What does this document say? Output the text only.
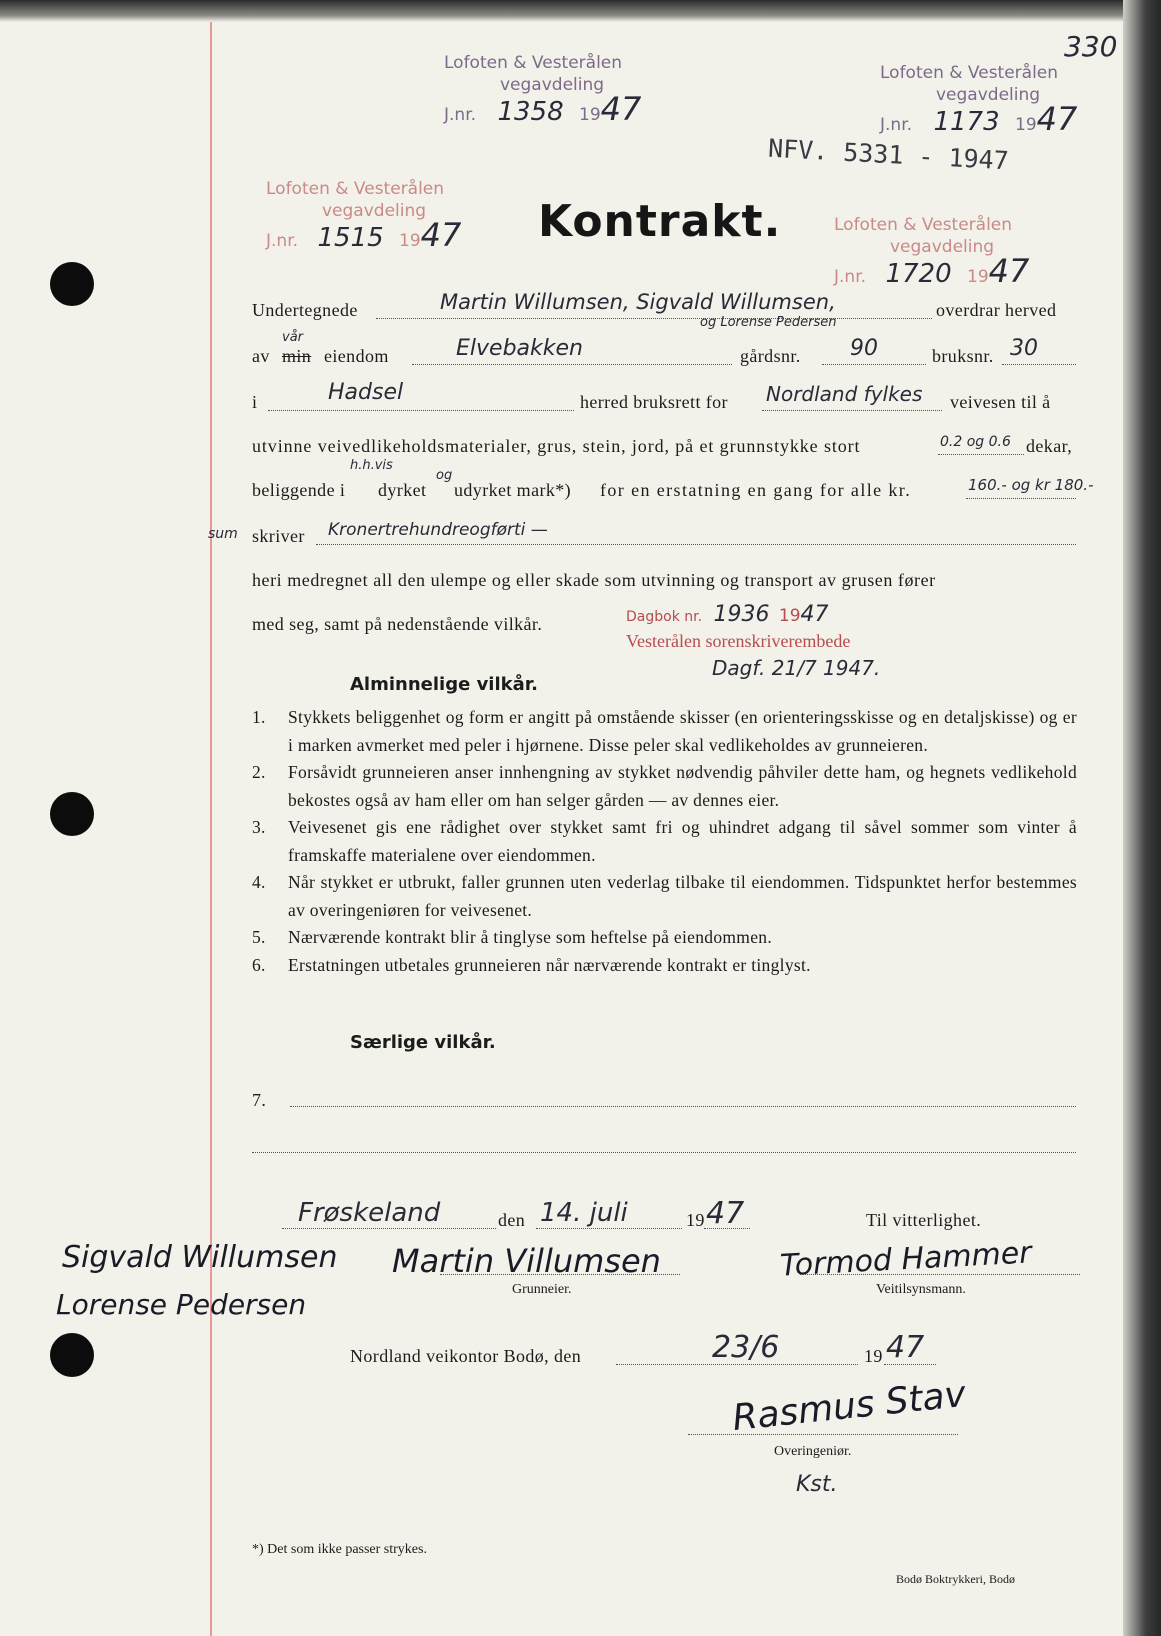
330
Lofoten & Vesterålen
vegavdeling
J.nr. 1358 1947
Lofoten & Vesterålen
vegavdeling
J.nr. 1173 1947
NFV. 5331 - 1947
Lofoten & Vesterålen
vegavdeling
J.nr. 1515 1947 Kontrakt.	Lofoten & Vesterålen
vegavdeling
J.nr. 1720 1947
Undertegnede	Martin Willumsen, Sigvald Willumsen,
og Lorense Pedersen
overdrar herved
av
vår
min eiendom	Elvebakken	gårdsnr. 90	bruksnr. 30
i	Hadsel	herred bruksrett for Nordland fylkes veivesen til å
utvinne veivedlikeholdsmaterialer, grus, stein, jord, på et grunnstykke stort	0.2 og 0.6 dekar,
beliggende i
h.h.vis
dyrket
og
udyrket mark*) for en erstatning en gang for alle kr.	160.- og kr 180.-
sum skriver Kronertrehundreogførti —
heri medregnet all den ulempe og eller skade som utvinning og transport av grusen fører
med seg, samt på nedenstående vilkår.	Dagbok nr. 1936 1947
Vesterålen sorenskriverembede
Dagf. 21/7 1947.
Alminnelige vilkår.
1.	Stykkets beliggenhet og form er angitt på omstående skisser (en orienteringsskisse og en detaljskisse) og er i marken avmerket med peler i hjørnene. Disse peler skal vedlikeholdes av grunneieren.
2.	Forsåvidt grunneieren anser innhengning av stykket nødvendig påhviler dette ham, og hegnets vedlikehold bekostes også av ham eller om han selger gården — av dennes eier.
3.	Veivesenet gis ene rådighet over stykket samt fri og uhindret adgang til såvel sommer som vinter å framskaffe materialene over eiendommen.
4.	Når stykket er utbrukt, faller grunnen uten vederlag tilbake til eiendommen. Tidspunktet herfor bestemmes av overingeniøren for veivesenet.
5.	Nærværende kontrakt blir å tinglyse som heftelse på eiendommen.
6.	Erstatningen utbetales grunneieren når nærværende kontrakt er tinglyst.
Særlige vilkår.
7.
Frøskeland	den 14. juli	19 47	Til vitterlighet.
Sigvald Willumsen
Lorense Pedersen
Martin Villumsen
Grunneier.
Tormod Hammer
Veitilsynsmann.
Nordland veikontor Bodø, den	23/6	19 47
Rasmus Stav
Overingeniør.
Kst.
*) Det som ikke passer strykes.
Bodø Boktrykkeri, Bodø
